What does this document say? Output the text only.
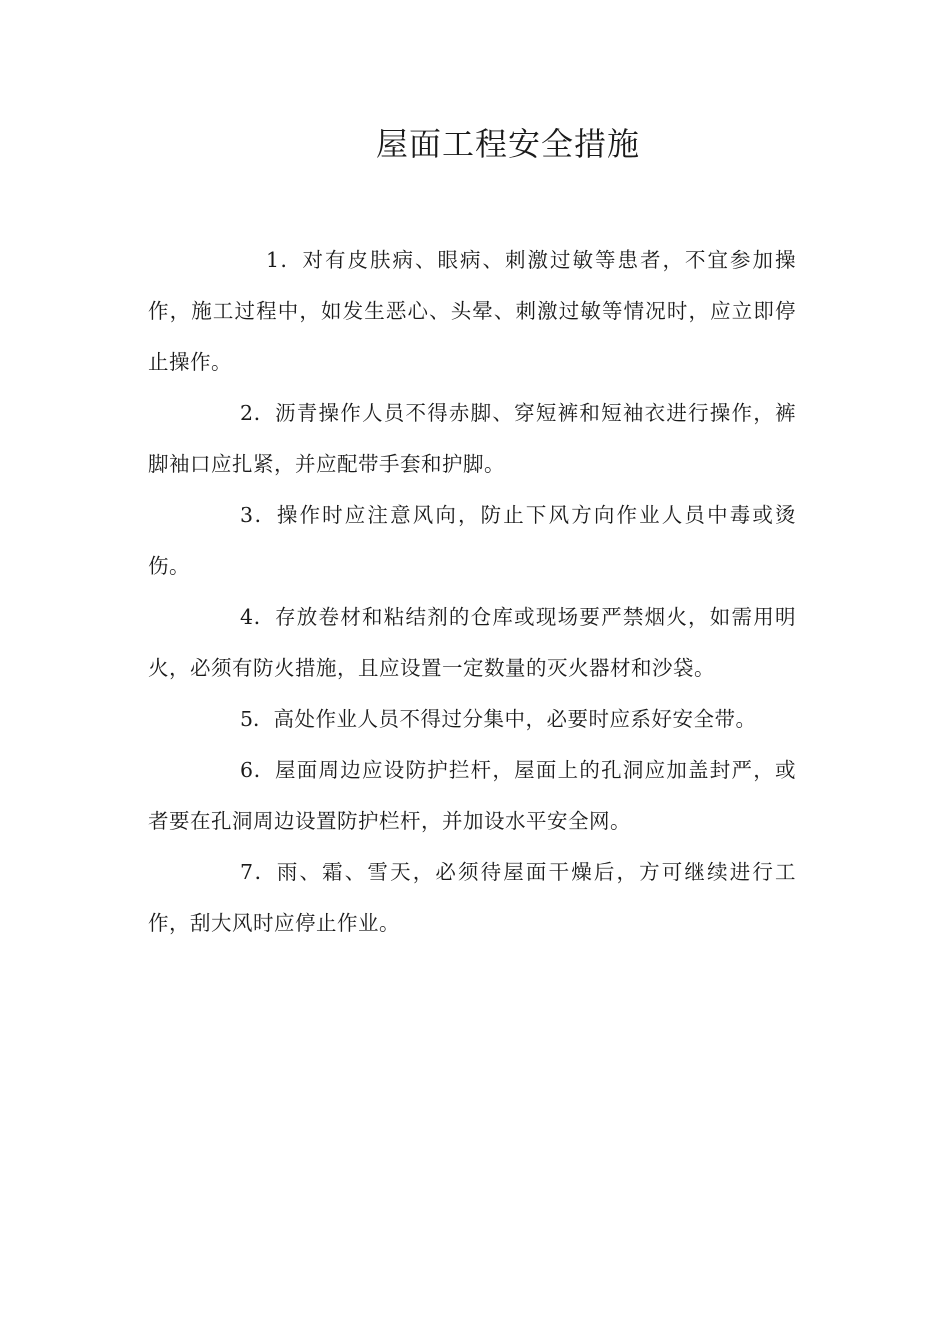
屋面工程安全措施

1．对有皮肤病、眼病、刺激过敏等患者，不宜参加操作，施工过程中，如发生恶心、头晕、刺激过敏等情况时，应立即停止操作。

2．沥青操作人员不得赤脚、穿短裤和短袖衣进行操作，裤脚袖口应扎紧，并应配带手套和护脚。

3．操作时应注意风向，防止下风方向作业人员中毒或烫伤。

4．存放卷材和粘结剂的仓库或现场要严禁烟火，如需用明火，必须有防火措施，且应设置一定数量的灭火器材和沙袋。

5．高处作业人员不得过分集中，必要时应系好安全带。

6．屋面周边应设防护拦杆，屋面上的孔洞应加盖封严，或者要在孔洞周边设置防护栏杆，并加设水平安全网。

7．雨、霜、雪天，必须待屋面干燥后，方可继续进行工作，刮大风时应停止作业。
